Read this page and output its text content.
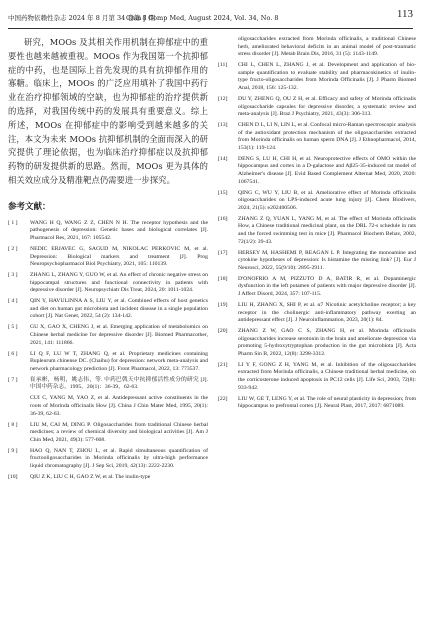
中国药物依赖性杂志 2024 年 8 月第 34 卷第 8 期
Chin J Comp Med, August 2024, Vol. 34, No. 8	113

研究，MOOs 及其相关作用机制在抑郁症中的重要性也越来越被重视。MOOs 作为我国第一个抗抑郁症的中药，也是国际上首先发现的具有抗抑郁作用的寡糖。临床上，MOOs 的广泛应用填补了我国中药行业在治疗抑郁领域的空缺，也为抑郁症的治疗提供新的选择，对我国传统中药的发展具有重要意义。综上所述，MOOs 在抑郁症中的影响受到越来越多的关注，本文为未来 MOOs 抗抑郁机制的全面而深入的研究提供了理论依据，也为临床治疗抑郁症以及抗抑郁药物的研发提供新的思路。然而，MOOs 更为具体的相关效应成分及精准靶点仍需要进一步探究。

参考文献：
[ 1 ] WANG H Q, WANG Z Z, CHEN N H. The receptor hypothesis and the pathogenesis of depression: Genetic bases and biological correlates [J]. Pharmacol Res, 2021, 167: 105542.
[ 2 ] NEDIC ERJAVEC G, SAGUD M, NIKOLAC PERKOVIC M, et al. Depression: Biological markers and treatment [J]. Prog Neuropsychopharmacol Biol Psychiatry, 2021, 105: 110139.
[ 3 ] ZHANG L, ZHANG Y, GUO W, et al. An effect of chronic negative stress on hippocampal structures and functional connectivity in patients with depressive disorder [J]. Neuropsychiatr Dis Treat, 2024, 20: 1011-1024.
[ 4 ] QIN Y, HAVULINNA A S, LIU Y, et al. Combined effects of host genetics and diet on human gut microbiota and incident disease in a single population cohort [J]. Nat Genet, 2022, 54 (2): 134-142.
[ 5 ] GU X, GAO X, CHENG J, et al. Emerging application of metabolomics on Chinese herbal medicine for depressive disorder [J]. Biomed Pharmacother, 2021, 141: 111866.
[ 6 ] LI Q F, LU W T, ZHANG Q, et al. Proprietary medicines containing Bupleurum chinense DC. (Chaihu) for depression: network meta-analysis and network pharmacology prediction [J]. Front Pharmacol, 2022, 13: 773537.
[ 7 ] 崔承彬，杨明，姚志伟，等. 中药巴戟天中抗抑郁活性成分的研究 [J]. 中国中药杂志，1995，20(1)：36-39，62-63.
CUI C, YANG M, YAO Z, et al. Antidepressant active constituents in the roots of Morinda officinalis How [J]. China J Chin Mater Med, 1995, 20(1): 36-39, 62-63.
[ 8 ] LIU M, CAI M, DING P. Oligosaccharides from traditional Chinese herbal medicines; a review of chemical diversity and biological activities [J]. Am J Chin Med, 2021, 49(3): 577-608.
[ 9 ] HAO Q, NAN T, ZHOU L, et al. Rapid simultaneous quantification of fructooligosaccharides in Morinda officinalis by ultra-high performance liquid chromatography [J]. J Sep Sci, 2019, 42(13): 2222-2230.
[10] QIU Z K, LIU C H, GAO Z W, et al. The inulin-type
oligosaccharides extracted from Morinda officinalis, a traditional Chinese herb, ameliorated behavioral deficits in an animal model of post-traumatic stress disorder [J]. Metab Brain Dis, 2016, 31 (5): 1143-1149.
[11] CHI L, CHEN L, ZHANG J, et al. Development and application of bio-sample quantification to evaluate stability and pharmacokinetics of inulin-type fructo-oligosaccharides from Morinda Officinalis [J]. J Pharm Biomed Anal, 2018, 156: 125-132.
[12] DU Y, ZHENG Q, OU Z H, et al. Efficacy and safety of Morinda officinalis oligosaccharide capsules for depressive disorder, a systematic review and meta-analysis [J]. Braz J Psychiatry, 2021, 43(3): 306-313.
[13] CHEN D L, LI N, LIN L, et al. Confocal micro-Raman spectroscopic analysis of the antioxidant protection mechanism of the oligosaccharides extracted from Morinda officinalis on human sperm DNA [J]. J Ethnopharmacol, 2014, 153(1): 119-124.
[14] DENG S, LU H, CHI H, et al. Neuroprotective effects of OMO within the hippocampus and cortex in a D-galactose and Aβ25-35-induced rat model of Alzheimer's disease [J]. Evid Based Complement Alternat Med, 2020, 2020: 1067541.
[15] QING C, WU Y, LIU B, et al. Ameliorative effect of Morinda officinalis oligosaccharides on LPS-induced acute lung injury [J]. Chem Biodivers, 2024, 21(5): e202400506.
[16] ZHANG Z Q, YUAN L, YANG M, et al. The effect of Morinda officinalis How, a Chinese traditional medicinal plant, on the DRL 72-s schedule in rats and the forced swimming test in mice [J]. Pharmacol Biochem Behav, 2002, 72(1/2): 39-43.
[17] HERSEY M, HASHEMI P, REAGAN L P. Integrating the monoamine and cytokine hypotheses of depression: Is histamine the missing link? [J]. Eur J Neurosci, 2022, 55(9/10): 2895-2911.
[18] D'ONOFRIO A M, PIZZUTO D A, BATIR R, et al. Dopaminergic dysfunction in the left putamen of patients with major depressive disorder [J]. J Affect Disord, 2024, 357: 107-115.
[19] LIU H, ZHANG X, SHI P, et al. α7 Nicotinic acetylcholine receptor; a key receptor in the cholinergic anti-inflammatory pathway exerting an antidepressant effect [J]. J Neuroinflammation, 2023, 20(1): 84.
[20] ZHANG Z W, GAO C S, ZHANG H, et al. Morinda officinalis oligosaccharides increase serotonin in the brain and ameliorate depression via promoting 5-hydroxytryptophan production in the gut microbiota [J]. Acta Pharm Sin B, 2022, 12(8): 3298-3312.
[21] LI Y F, GONG Z H, YANG M, et al. Inhibition of the oligosaccharides extracted from Morinda officinalis, a Chinese traditional herbal medicine, on the corticosterone induced apoptosis in PC12 cells [J]. Life Sci, 2003, 72(8): 933-942.
[22] LIU W, GE T, LENG Y, et al. The role of neural plasticity in depression; from hippocampus to prefrontal cortex [J]. Neural Plast, 2017, 2017: 6871089.
